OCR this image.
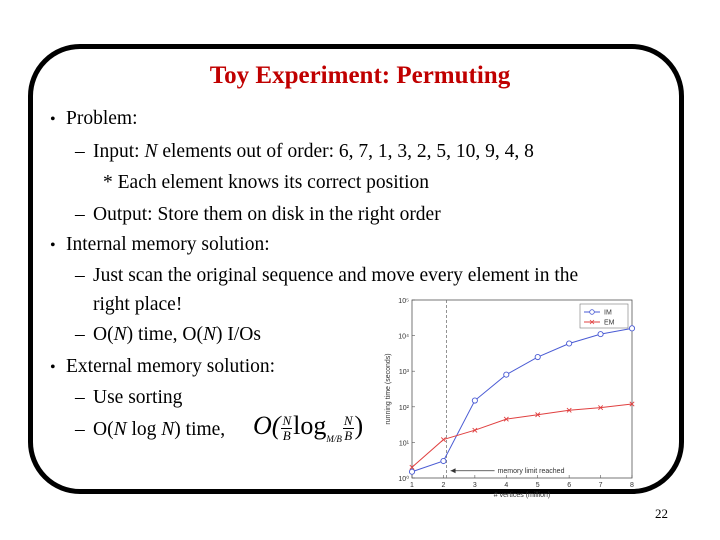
Toy Experiment: Permuting
• Problem:
– Input: N elements out of order: 6, 7, 1, 3, 2, 5, 10, 9, 4, 8
* Each element knows its correct position
– Output: Store them on disk in the right order
• Internal memory solution:
– Just scan the original sequence and move every element in the
right place!
– O(N) time, O(N) I/Os
• External memory solution:
– Use sorting
– O(N log N) time, $O( \frac{N}{B} \log_{M/B} \frac{N}{B}$ )
10⁰
10¹
10²
10³
10⁴
10⁵
1	2	3	4	5	6	7	8
# vertices (million)
running time (seconds)
memory limit reached
IM
EM
22
